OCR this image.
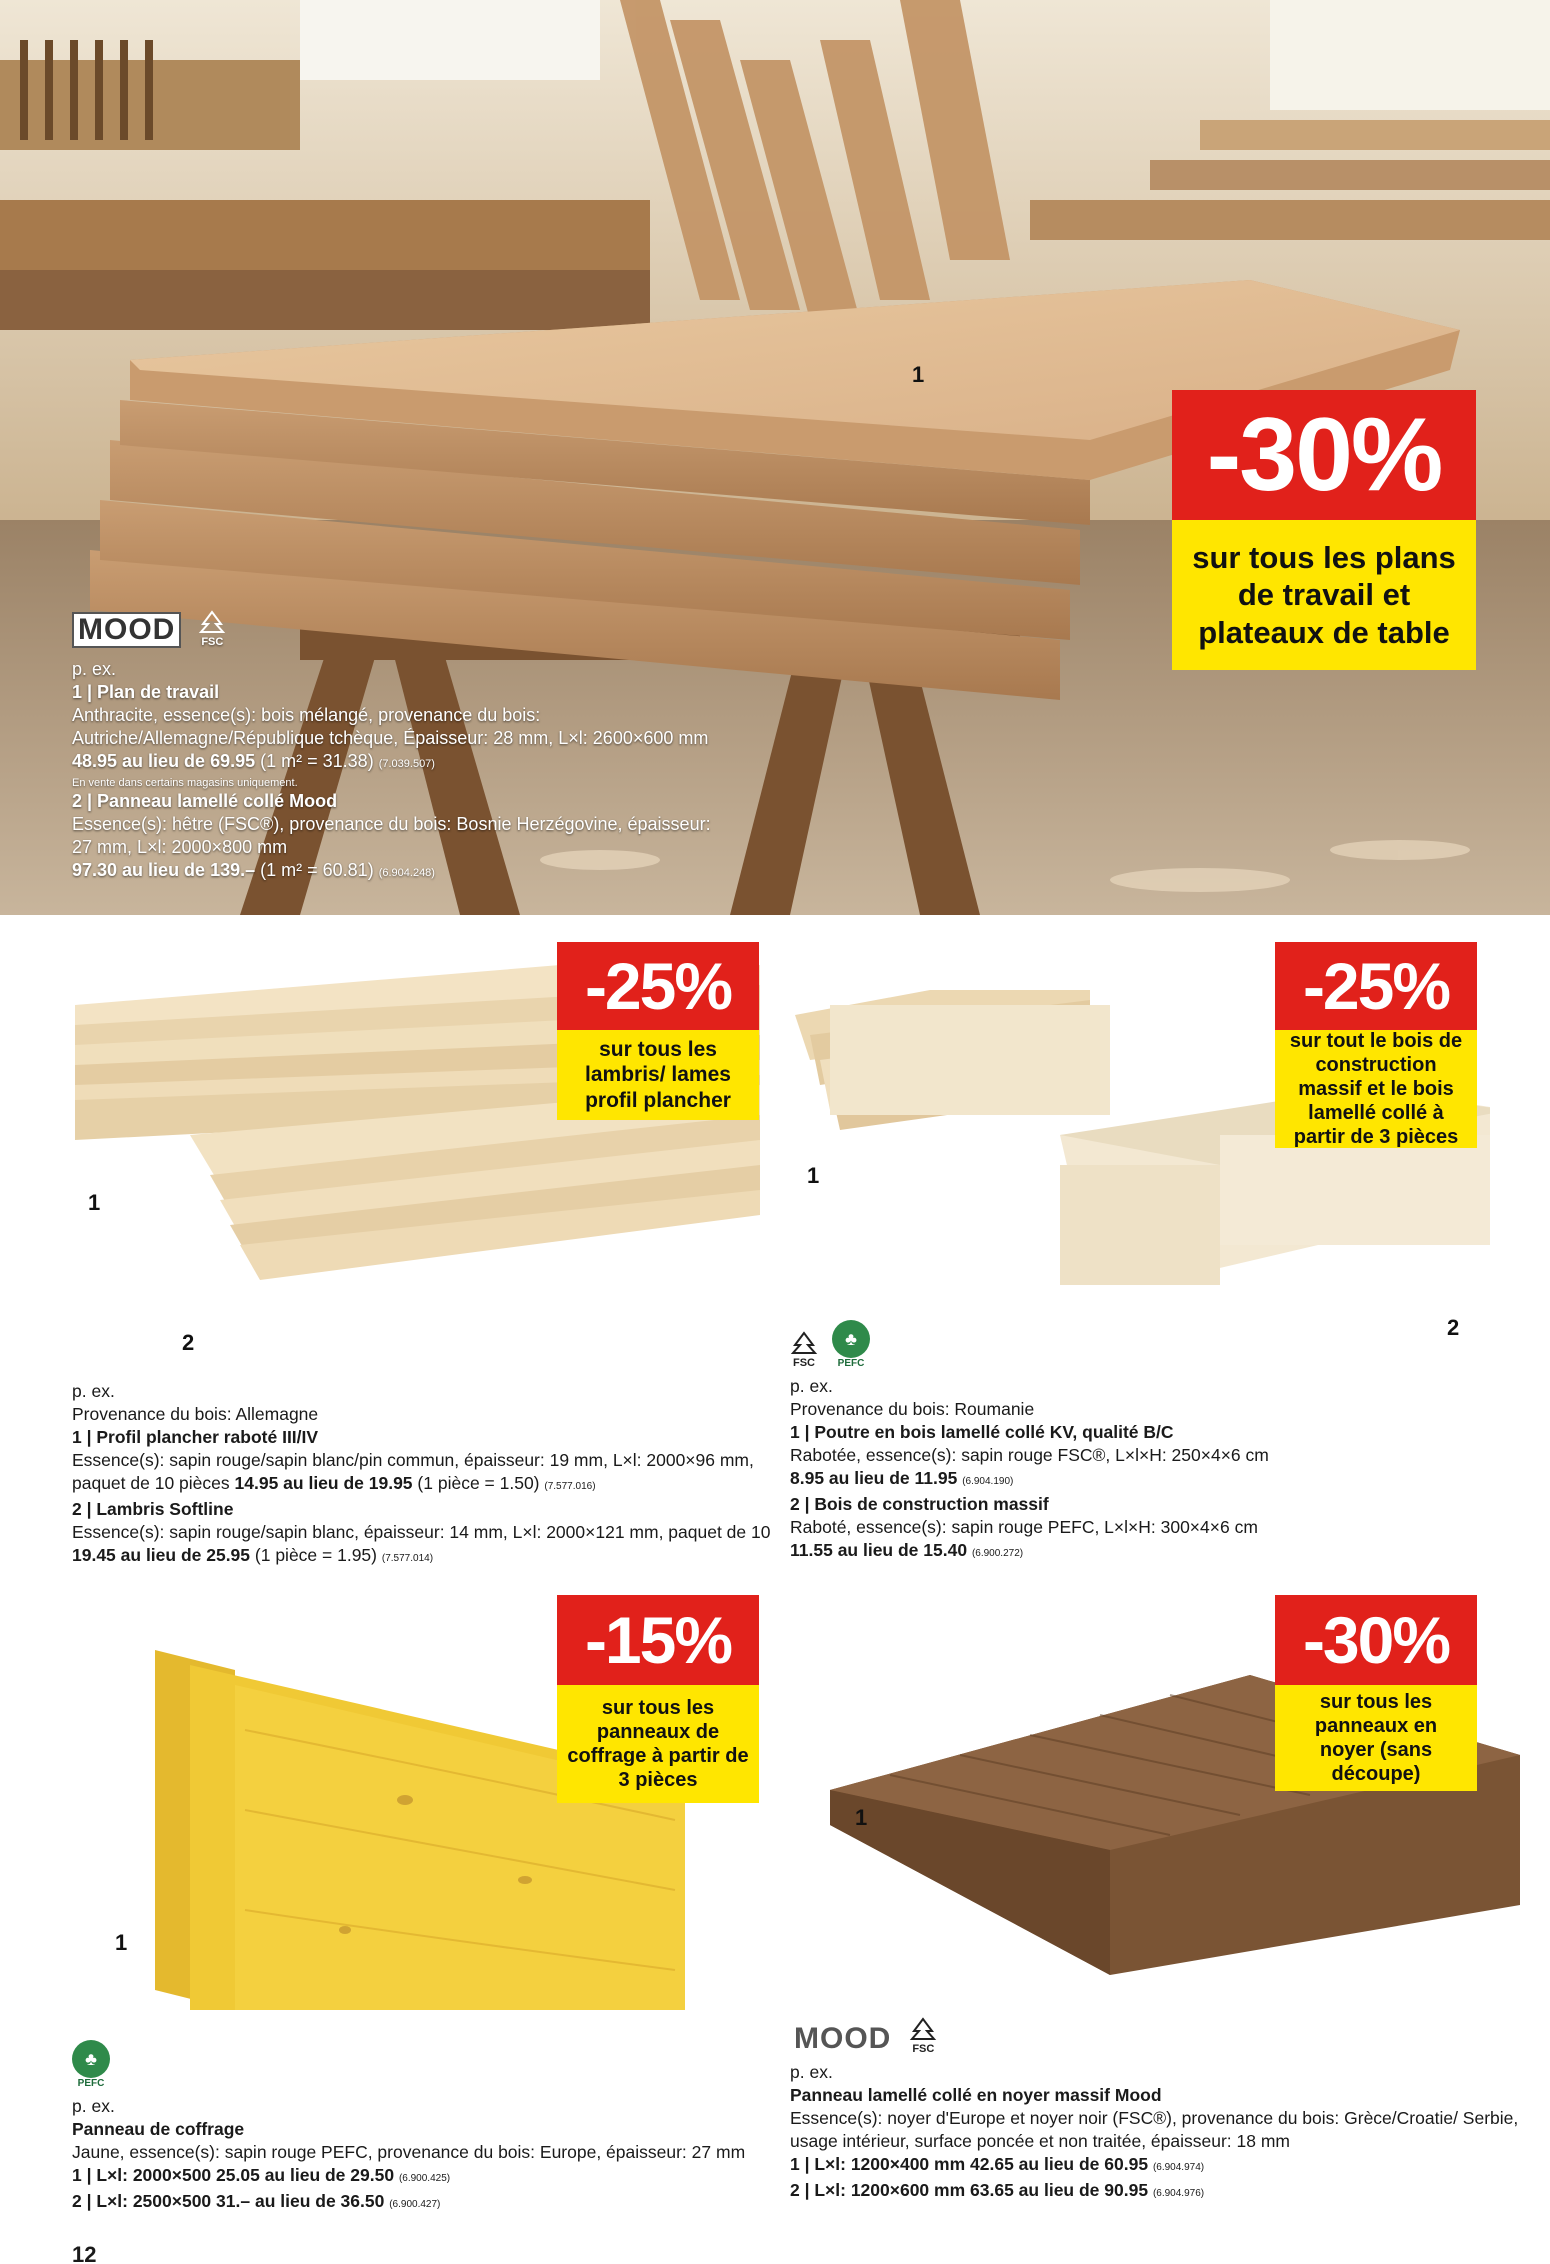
1
-30%
sur tous les plans de travail et plateaux de table
MOOD	FSC
p. ex.
1 | Plan de travail
Anthracite, essence(s): bois mélangé, provenance du bois: Autriche/Allemagne/République tchèque, Épaisseur: 28 mm, L×l: 2600×600 mm
48.95 au lieu de 69.95 (1 m² = 31.38) (7.039.507)
En vente dans certains magasins uniquement.
2 | Panneau lamellé collé Mood
Essence(s): hêtre (FSC®), provenance du bois: Bosnie Herzégovine, épaisseur: 27 mm, L×l: 2000×800 mm
97.30 au lieu de 139.– (1 m² = 60.81) (6.904.248)
1
2
-25%
sur tous les lambris/ lames profil plancher
p. ex.
Provenance du bois: Allemagne
1 | Profil plancher raboté III/IV
Essence(s): sapin rouge/sapin blanc/pin commun, épaisseur: 19 mm, L×l: 2000×96 mm, paquet de 10 pièces 14.95 au lieu de 19.95 (1 pièce = 1.50) (7.577.016)
2 | Lambris Softline
Essence(s): sapin rouge/sapin blanc, épaisseur: 14 mm, L×l: 2000×121 mm, paquet de 10 19.45 au lieu de 25.95 (1 pièce = 1.95) (7.577.014)
1
2
-25%
sur tout le bois de construction massif et le bois lamellé collé à partir de 3 pièces
FSC
♣
PEFC
p. ex.
Provenance du bois: Roumanie
1 | Poutre en bois lamellé collé KV, qualité B/C
Rabotée, essence(s): sapin rouge FSC®, L×l×H: 250×4×6 cm
8.95 au lieu de 11.95 (6.904.190)
2 | Bois de construction massif
Raboté, essence(s): sapin rouge PEFC, L×l×H: 300×4×6 cm
11.55 au lieu de 15.40 (6.900.272)
1
-15%
sur tous les panneaux de coffrage à partir de 3 pièces
♣
PEFC
p. ex.
Panneau de coffrage
Jaune, essence(s): sapin rouge PEFC, provenance du bois: Europe, épaisseur: 27 mm
1 | L×l: 2000×500 25.05 au lieu de 29.50 (6.900.425)
2 | L×l: 2500×500 31.– au lieu de 36.50 (6.900.427)
1
-30%
sur tous les panneaux en noyer (sans découpe)
MOOD	FSC
p. ex.
Panneau lamellé collé en noyer massif Mood
Essence(s): noyer d'Europe et noyer noir (FSC®), provenance du bois: Grèce/Croatie/ Serbie, usage intérieur, surface poncée et non traitée, épaisseur: 18 mm
1 | L×l: 1200×400 mm 42.65 au lieu de 60.95 (6.904.974)
2 | L×l: 1200×600 mm 63.65 au lieu de 90.95 (6.904.976)
12
